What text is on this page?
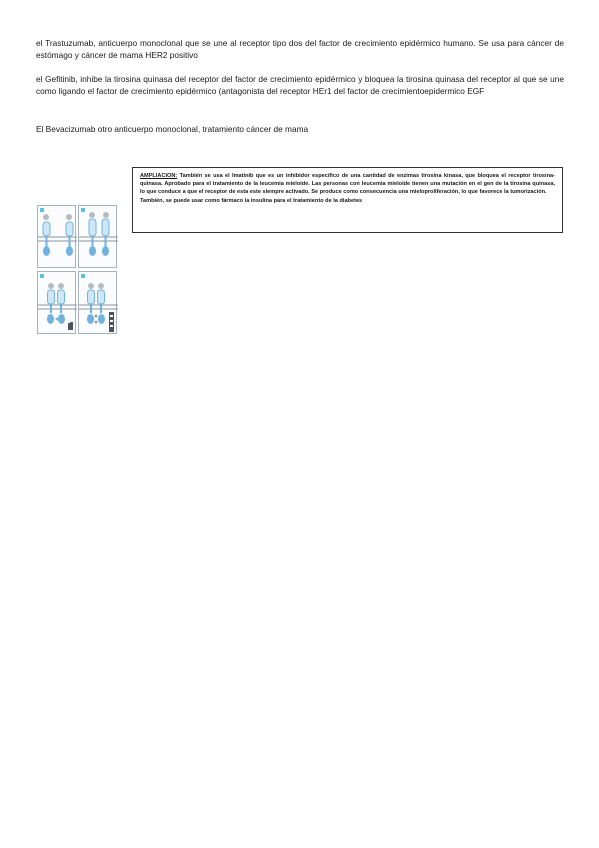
el Trastuzumab, anticuerpo monoclonal que se une al receptor tipo dos del factor de crecimiento epidérmico humano. Se usa para cáncer de estómago y cáncer de mama HER2 positivo

el Gefitinib, inhibe la tirosina quinasa del receptor del factor de crecimiento epidérmico y bloquea la tirosina quinasa del receptor al que se une como ligando el factor de crecimiento epidérmico (antagonista del receptor HEr1 del factor de crecimientoepidermico EGF

El Bevacizumab otro anticuerpo monoclonal, tratamiento cáncer de mama

AMPLIACION: También se usa el Imatinib que es un inhibidor específico de una cantidad de enzimas tirosina kinasa, que bloquea el receptor tirosina-quinasa. Aprobado para el tratamiento de la leucemia mieloide. Las personas con leucemia mieloide tienen una mutación en el gen de la tirosina quinasa, lo que conduce a que el receptor de esta este siempre activado. Se produce como consecuencia una mieloproliferación, lo que favorece la tumorización.

También, se puede usar como fármaco la insulina para el tratamiento de la diabetes
